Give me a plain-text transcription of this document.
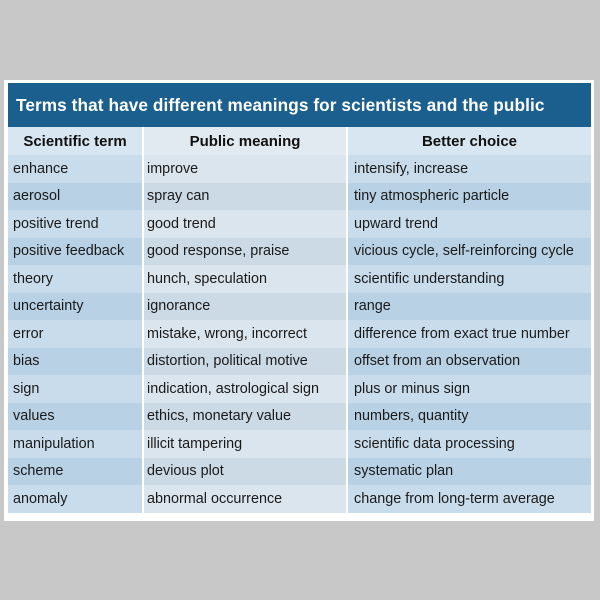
Terms that have different meanings for scientists and the public
Scientific term	Public meaning	Better choice
enhance	improve	intensify, increase
aerosol	spray can	tiny atmospheric particle
positive trend	good trend	upward trend
positive feedback	good response, praise	vicious cycle, self-reinforcing cycle
theory	hunch, speculation	scientific understanding
uncertainty	ignorance	range
error	mistake, wrong, incorrect	difference from exact true number
bias	distortion, political motive	offset from an observation
sign	indication, astrological sign	plus or minus sign
values	ethics, monetary value	numbers, quantity
manipulation	illicit tampering	scientific data processing
scheme	devious plot	systematic plan
anomaly	abnormal occurrence	change from long-term average
